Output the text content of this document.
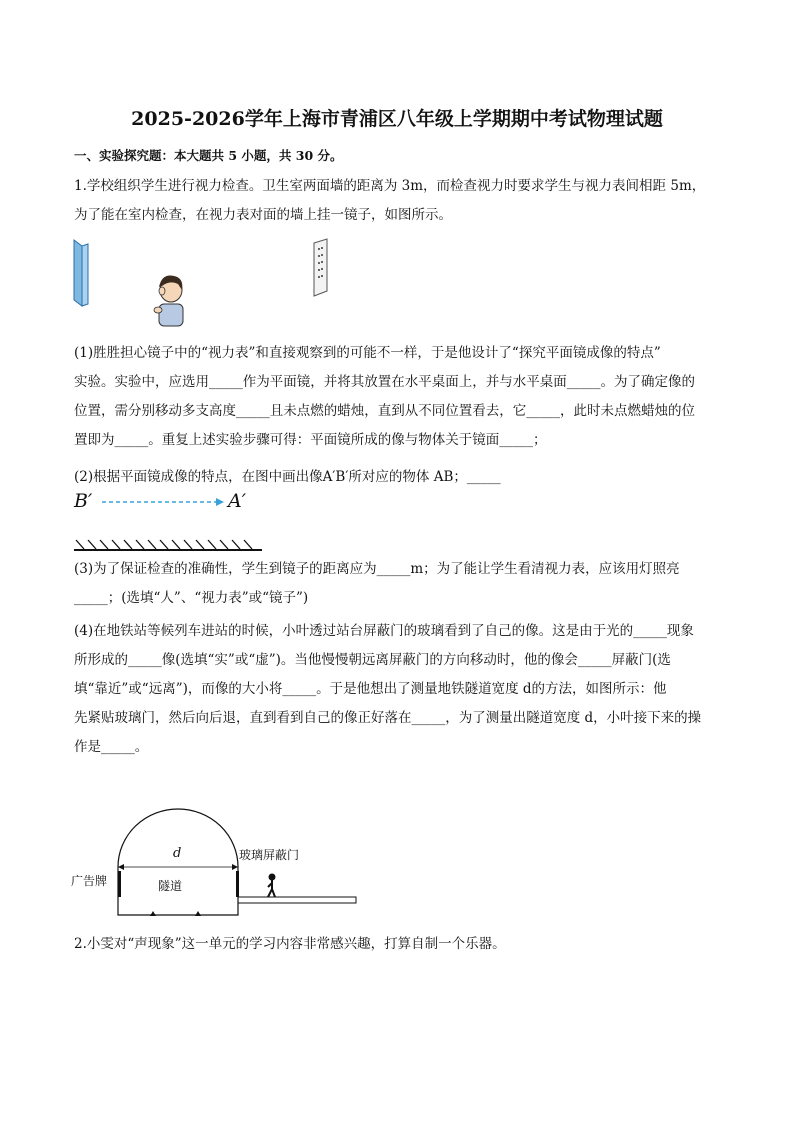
2025-2026学年上海市青浦区八年级上学期期中考试物理试题
一、实验探究题：本大题共 5 小题，共 30 分。
1.学校组织学生进行视力检查。卫生室两面墙的距离为 3m，而检查视力时要求学生与视力表间相距 5m，
为了能在室内检查，在视力表对面的墙上挂一镜子，如图所示。
(1)胜胜担心镜子中的“视力表”和直接观察到的可能不一样，于是他设计了“探究平面镜成像的特点”
实验。实验中，应选用_____作为平面镜，并将其放置在水平桌面上，并与水平桌面_____。为了确定像的
位置，需分别移动多支高度_____且未点燃的蜡烛，直到从不同位置看去，它_____，此时未点燃蜡烛的位
置即为_____。重复上述实验步骤可得：平面镜所成的像与物体关于镜面_____；
(2)根据平面镜成像的特点，在图中画出像A′B′所对应的物体 AB；_____
B′	A′
(3)为了保证检查的准确性，学生到镜子的距离应为_____m；为了能让学生看清视力表，应该用灯照亮
_____；(选填“人”、“视力表”或“镜子”)
(4)在地铁站等候列车进站的时候，小叶透过站台屏蔽门的玻璃看到了自己的像。这是由于光的_____现象
所形成的_____像(选填“实”或“虚”)。当他慢慢朝远离屏蔽门的方向移动时，他的像会_____屏蔽门(选
填“靠近”或“远离”)，而像的大小将_____。于是他想出了测量地铁隧道宽度 d的方法，如图所示：他
先紧贴玻璃门，然后向后退，直到看到自己的像正好落在_____，为了测量出隧道宽度 d，小叶接下来的操
作是_____。
d
隧道
广告牌
玻璃屏蔽门
2.小雯对“声现象”这一单元的学习内容非常感兴趣，打算自制一个乐器。
